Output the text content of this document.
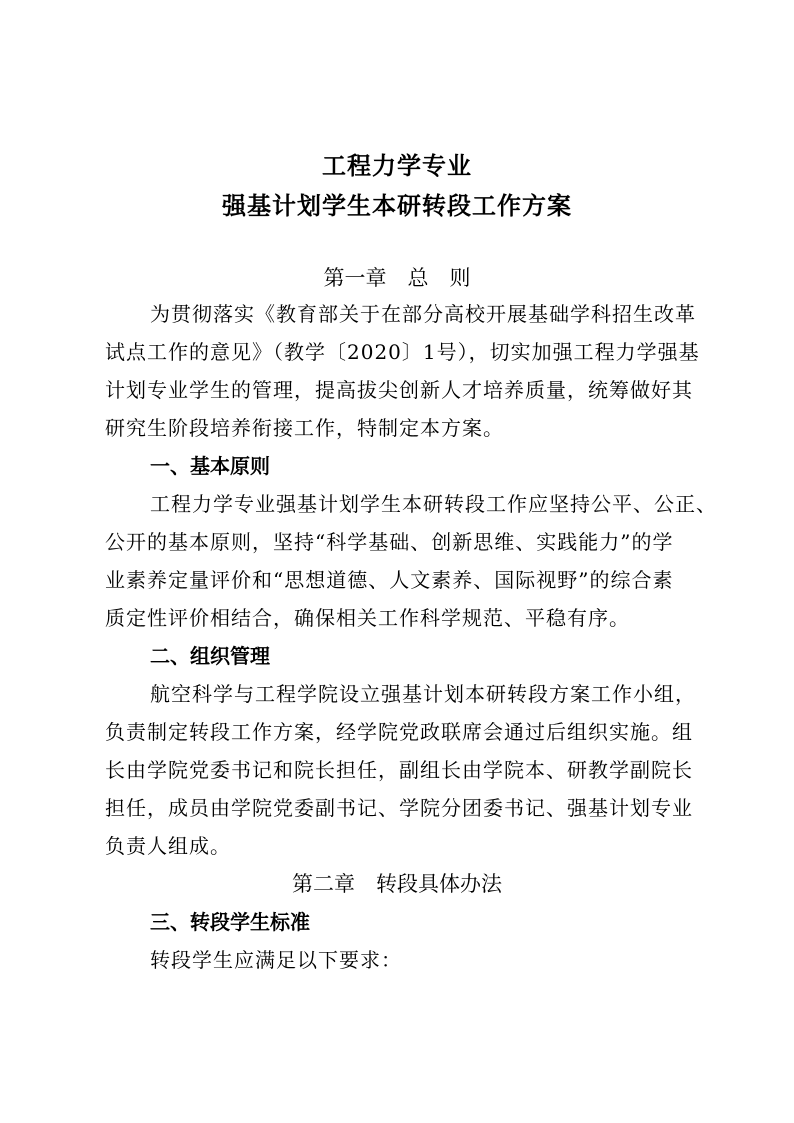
工程力学专业
强基计划学生本研转段工作方案
第一章　总　则
为贯彻落实《教育部关于在部分高校开展基础学科招生改革
试点工作的意见》（教学〔2020〕1号），切实加强工程力学强基
计划专业学生的管理，提高拔尖创新人才培养质量，统筹做好其
研究生阶段培养衔接工作，特制定本方案。
一、基本原则
工程力学专业强基计划学生本研转段工作应坚持公平、公正、
公开的基本原则，坚持“科学基础、创新思维、实践能力”的学
业素养定量评价和“思想道德、人文素养、国际视野”的综合素
质定性评价相结合，确保相关工作科学规范、平稳有序。
二、组织管理
航空科学与工程学院设立强基计划本研转段方案工作小组，
负责制定转段工作方案，经学院党政联席会通过后组织实施。组
长由学院党委书记和院长担任，副组长由学院本、研教学副院长
担任，成员由学院党委副书记、学院分团委书记、强基计划专业
负责人组成。
第二章　转段具体办法
三、转段学生标准
转段学生应满足以下要求：
